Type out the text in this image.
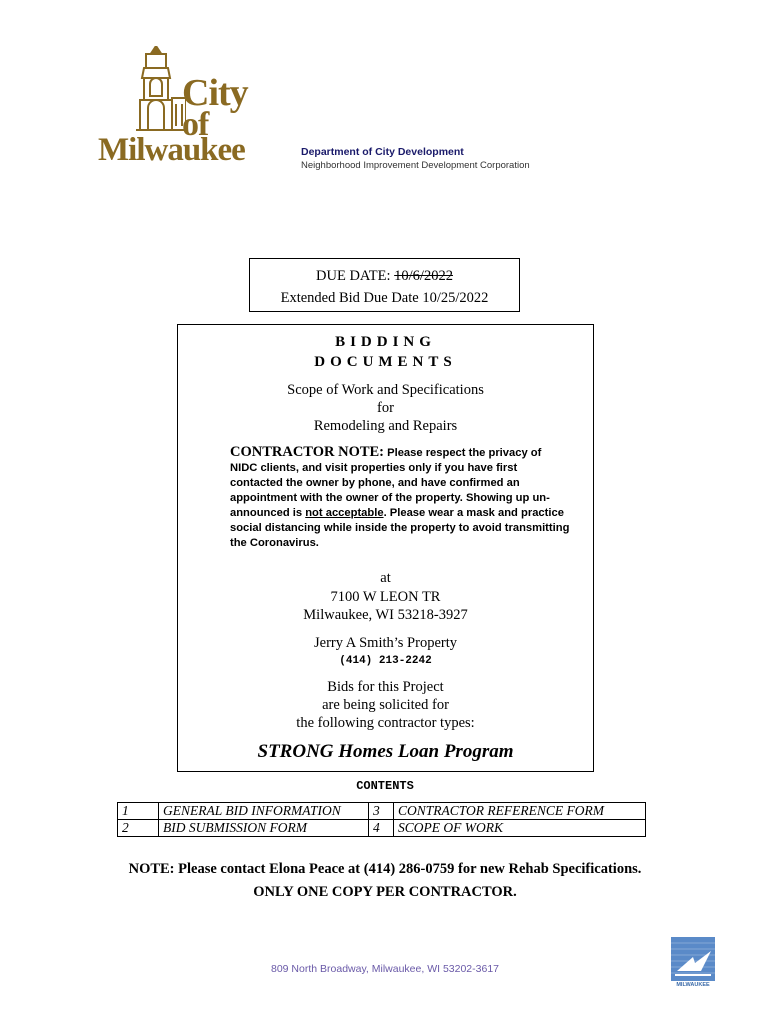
City
of
Milwaukee	Department of City Development
Neighborhood Improvement Development Corporation
DUE DATE: 10/6/2022
Extended Bid Due Date 10/25/2022
BIDDING
DOCUMENTS
Scope of Work and Specifications
for
Remodeling and Repairs
CONTRACTOR NOTE: Please respect the privacy of NIDC clients, and visit properties only if you have first contacted the owner by phone, and have confirmed an appointment with the owner of the property. Showing up un-announced is not acceptable. Please wear a mask and practice social distancing while inside the property to avoid transmitting the Coronavirus.
at
7100 W LEON TR
Milwaukee, WI 53218-3927
Jerry A Smith’s Property
(414) 213-2242
Bids for this Project
are being solicited for
the following contractor types:
STRONG Homes Loan Program
CONTENTS
1	GENERAL BID INFORMATION	3	CONTRACTOR REFERENCE FORM
2	BID SUBMISSION FORM	4	SCOPE OF WORK
NOTE: Please contact Elona Peace at (414) 286-0759 for new Rehab Specifications.
ONLY ONE COPY PER CONTRACTOR.
809 North Broadway, Milwaukee, WI 53202-3617
MILWAUKEE
